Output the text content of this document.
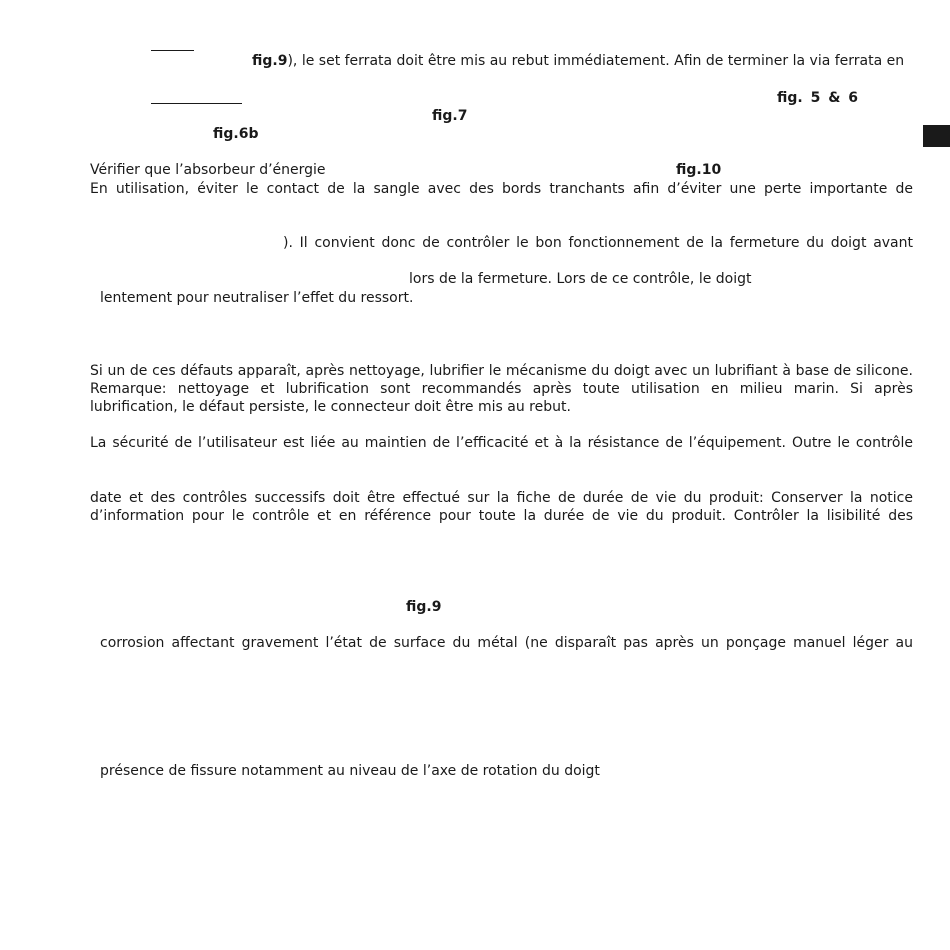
fig.9), le set ferrata doit être mis au rebut immédiatement. Afin de terminer la via ferrata en
fig. 5 & 6
fig.7
fig.6b
Vérifier que l’absorbeur d’énergie	fig.10
En utilisation, éviter le contact de la sangle avec des bords tranchants afin d’éviter une perte importante de
). Il convient donc de contrôler le bon fonctionnement de la fermeture du doigt avant
lors de la fermeture. Lors de ce contrôle, le doigt
lentement pour neutraliser l’effet du ressort.
Si un de ces défauts apparaît, après nettoyage, lubrifier le mécanisme du doigt avec un lubrifiant à base de silicone.
Remarque: nettoyage et lubrification sont recommandés après toute utilisation en milieu marin. Si après
lubrification, le défaut persiste, le connecteur doit être mis au rebut.
La sécurité de l’utilisateur est liée au maintien de l’efficacité et à la résistance de l’équipement. Outre le contrôle
date et des contrôles successifs doit être effectué sur la fiche de durée de vie du produit: Conserver la notice
d’information pour le contrôle et en référence pour toute la durée de vie du produit. Contrôler la lisibilité des
fig.9
corrosion affectant gravement l’état de surface du métal (ne disparaît pas après un ponçage manuel léger au
présence de fissure notamment au niveau de l’axe de rotation du doigt
